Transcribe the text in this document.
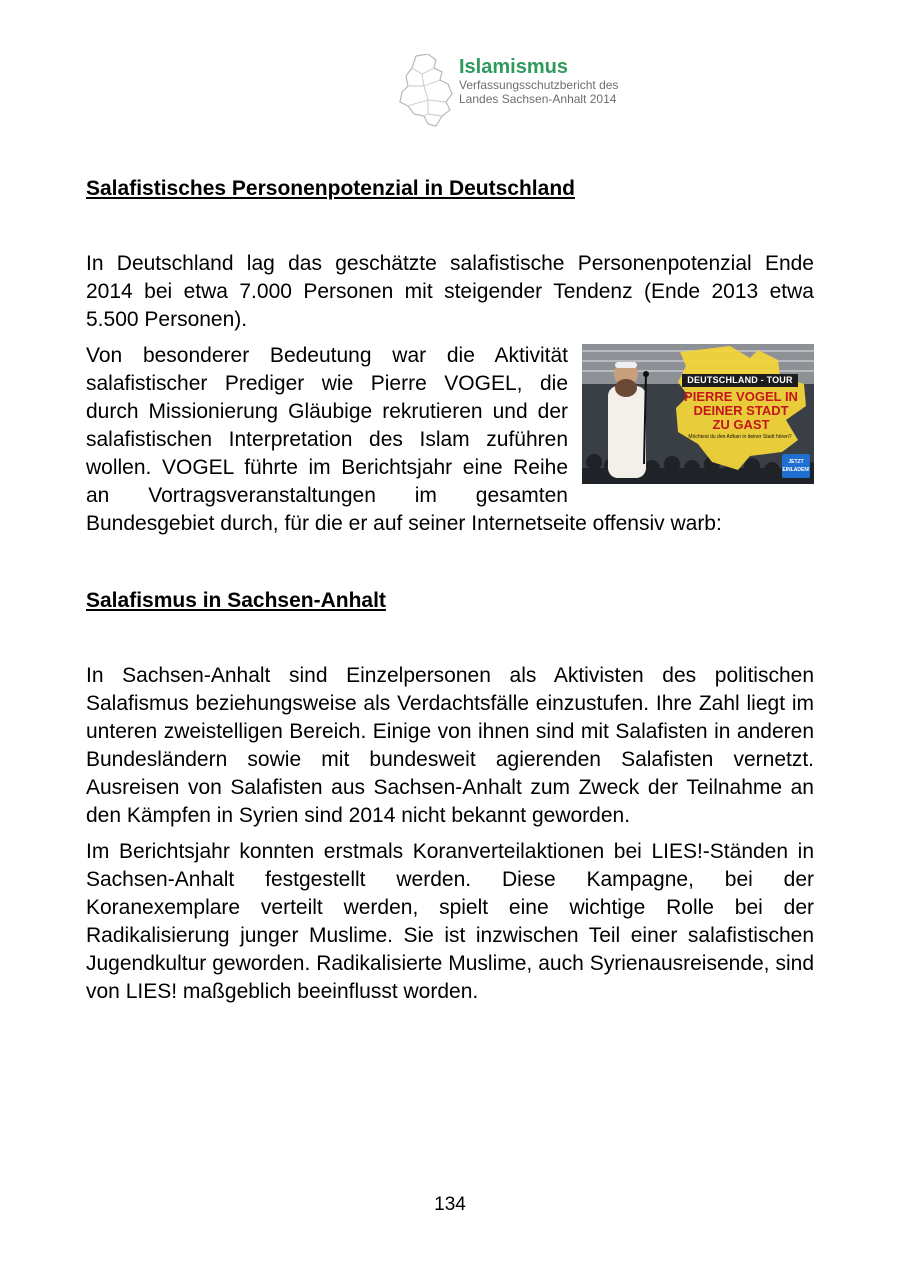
Islamismus
Verfassungsschutzbericht des
Landes Sachsen-Anhalt 2014
Salafistisches Personenpotenzial in Deutschland

In Deutschland lag das geschätzte salafistische Personenpotenzial Ende 2014 bei etwa 7.000 Personen mit steigender Tendenz (Ende 2013 etwa 5.500 Personen).

DEUTSCHLAND - TOUR
PIERRE VOGEL IN
DEINER STADT
ZU GAST
Möchtest du den Adhan in deiner Stadt hören?
JETZT
EINLADEN!

Von besonderer Bedeutung war die Aktivität salafistischer Prediger wie Pierre VOGEL, die durch Missionierung Gläubige rekrutieren und der salafistischen Interpretation des Islam zuführen wollen. VOGEL führte im Berichtsjahr eine Reihe an Vortragsveranstaltungen im gesamten Bundesgebiet durch, für die er auf seiner Internetseite offensiv warb:

Salafismus in Sachsen-Anhalt

In Sachsen-Anhalt sind Einzelpersonen als Aktivisten des politischen Salafismus beziehungsweise als Verdachtsfälle einzustufen. Ihre Zahl liegt im unteren zweistelligen Bereich. Einige von ihnen sind mit Salafisten in anderen Bundesländern sowie mit bundesweit agierenden Salafisten vernetzt. Ausreisen von Salafisten aus Sachsen-Anhalt zum Zweck der Teilnahme an den Kämpfen in Syrien sind 2014 nicht bekannt geworden.

Im Berichtsjahr konnten erstmals Koranverteilaktionen bei LIES!-Ständen in Sachsen-Anhalt festgestellt werden. Diese Kampagne, bei der Koranexemplare verteilt werden, spielt eine wichtige Rolle bei der Radikalisierung junger Muslime. Sie ist inzwischen Teil einer salafistischen Jugendkultur geworden. Radikalisierte Muslime, auch Syrienausreisende, sind von LIES! maßgeblich beeinflusst worden.

134
